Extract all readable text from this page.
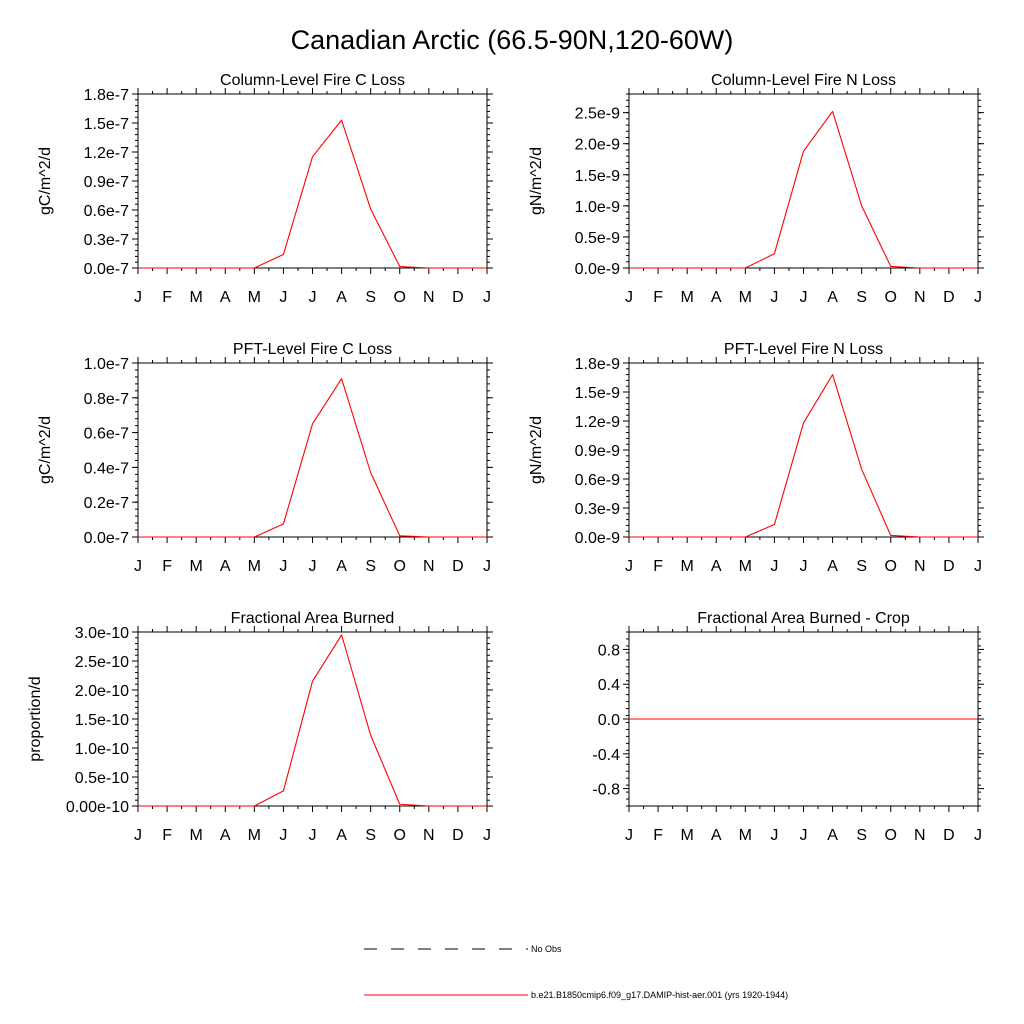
Canadian Arctic (66.5-90N,120-60W)
Column-Level Fire C Loss
J F M A M J J A S O N D J
0.0e-7
0.3e-7
0.6e-7
0.9e-7
1.2e-7
1.5e-7
1.8e-7
gC/m^2/d
Column-Level Fire N Loss
J F M A M J J A S O N D J
0.0e-9
0.5e-9
1.0e-9
1.5e-9
2.0e-9
2.5e-9
gN/m^2/d
PFT-Level Fire C Loss
J F M A M J J A S O N D J
0.0e-7
0.2e-7
0.4e-7
0.6e-7
0.8e-7
1.0e-7
gC/m^2/d
PFT-Level Fire N Loss
J F M A M J J A S O N D J
0.0e-9
0.3e-9
0.6e-9
0.9e-9
1.2e-9
1.5e-9
1.8e-9
gN/m^2/d
Fractional Area Burned
J F M A M J J A S O N D J
0.00e-10
0.5e-10
1.0e-10
1.5e-10
2.0e-10
2.5e-10
3.0e-10
proportion/d
Fractional Area Burned - Crop
J F M A M J J A S O N D J
-0.8
-0.4
0.0
0.4
0.8
No Obs
b.e21.B1850cmip6.f09_g17.DAMIP-hist-aer.001 (yrs 1920-1944)
